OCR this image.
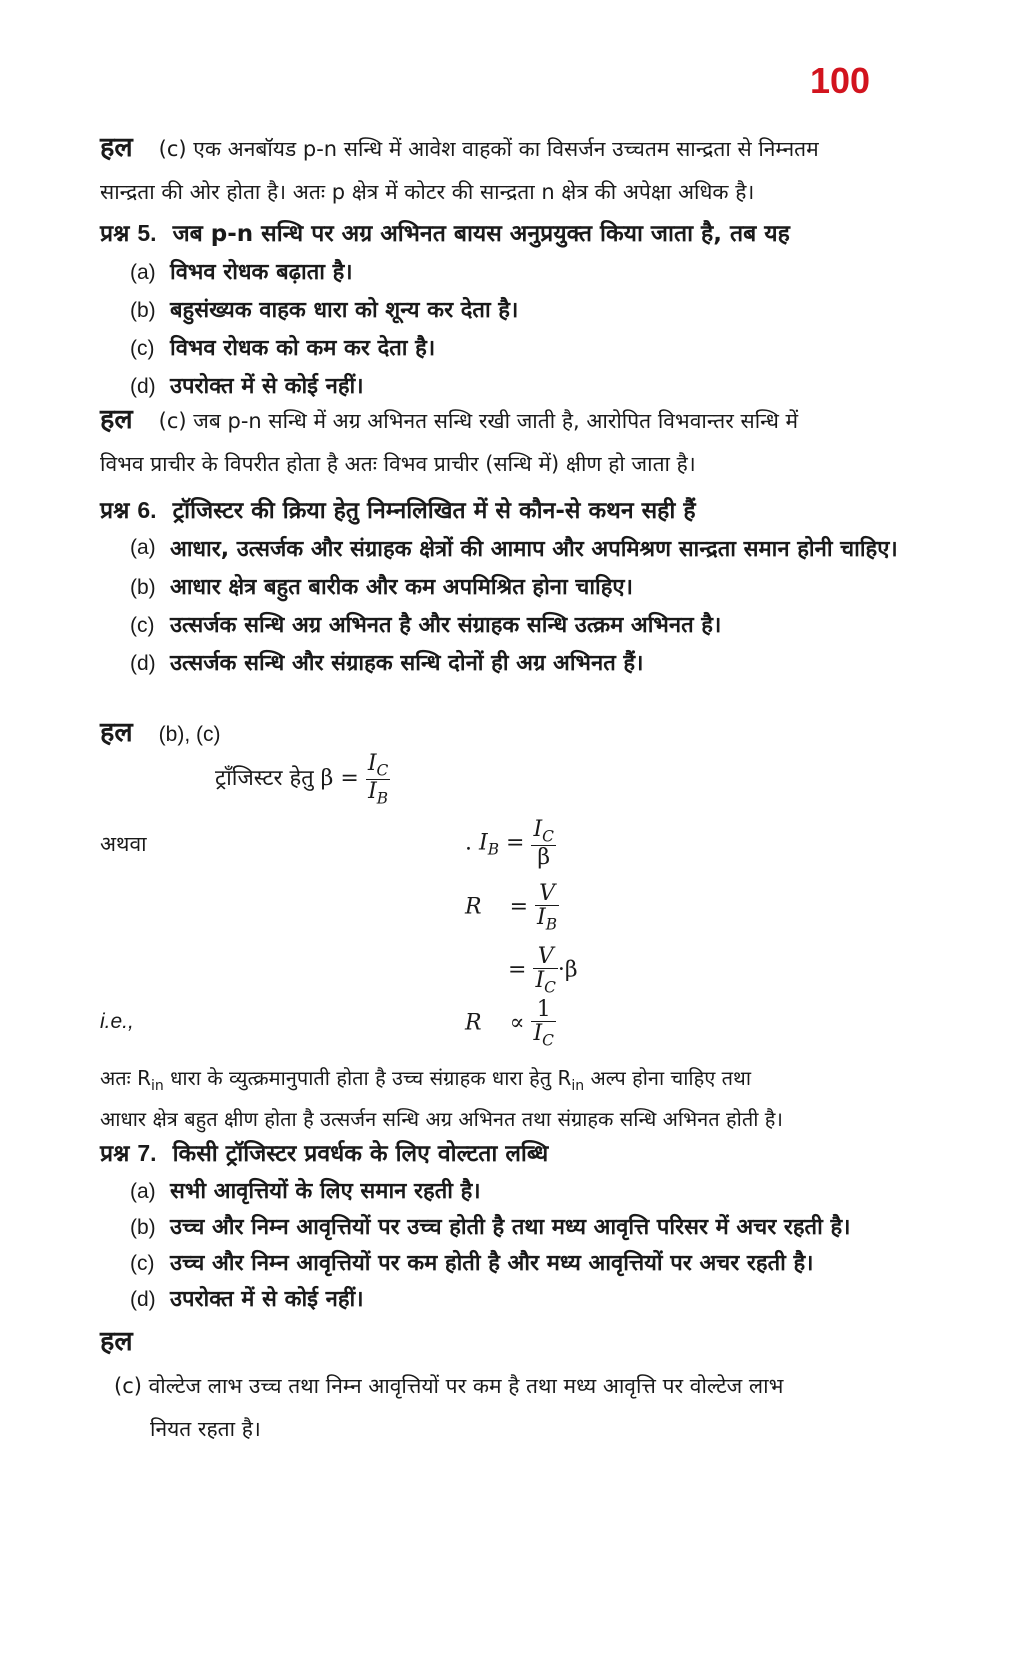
100

हल (c) एक अनबॉयड p-n सन्धि में आवेश वाहकों का विसर्जन उच्चतम सान्द्रता से निम्नतम

सान्द्रता की ओर होता है। अतः p क्षेत्र में कोटर की सान्द्रता n क्षेत्र की अपेक्षा अधिक है।

प्रश्न 5. जब p-n सन्धि पर अग्र अभिनत बायस अनुप्रयुक्त किया जाता है, तब यह

(a) विभव रोधक बढ़ाता है।

(b) बहुसंख्यक वाहक धारा को शून्य कर देता है।

(c) विभव रोधक को कम कर देता है।

(d) उपरोक्त में से कोई नहीं।

हल (c) जब p-n सन्धि में अग्र अभिनत सन्धि रखी जाती है, आरोपित विभवान्तर सन्धि में

विभव प्राचीर के विपरीत होता है अतः विभव प्राचीर (सन्धि में) क्षीण हो जाता है।

प्रश्न 6. ट्रॉजिस्टर की क्रिया हेतु निम्नलिखित में से कौन-से कथन सही हैं

(a) आधार, उत्सर्जक और संग्राहक क्षेत्रों की आमाप और अपमिश्रण सान्द्रता समान होनी चाहिए।

(b) आधार क्षेत्र बहुत बारीक और कम अपमिश्रित होना चाहिए।

(c) उत्सर्जक सन्धि अग्र अभिनत है और संग्राहक सन्धि उत्क्रम अभिनत है।

(d) उत्सर्जक सन्धि और संग्राहक सन्धि दोनों ही अग्र अभिनत हैं।

हल (b), (c)
ट्रॉंजिस्टर हेतु $\beta = \frac{I_C}{I_B}$
अथवा	. $I_B = \frac{I_C}{\beta}$
$R = \frac{V}{I_B}$
= $\frac{V}{I_C} \cdot\beta$
i.e.,	$R \propto \frac{1}{I_C}$

अतः $R_{in}$ धारा के व्युत्क्रमानुपाती होता है उच्च संग्राहक धारा हेतु $R_{in}$ अल्प होना चाहिए तथा

आधार क्षेत्र बहुत क्षीण होता है उत्सर्जन सन्धि अग्र अभिनत तथा संग्राहक सन्धि अभिनत होती है।

प्रश्न 7. किसी ट्रॉजिस्टर प्रवर्धक के लिए वोल्टता लब्धि

(a) सभी आवृत्तियों के लिए समान रहती है।

(b) उच्च और निम्न आवृत्तियों पर उच्च होती है तथा मध्य आवृत्ति परिसर में अचर रहती है।

(c) उच्च और निम्न आवृत्तियों पर कम होती है और मध्य आवृत्तियों पर अचर रहती है।

(d) उपरोक्त में से कोई नहीं।

हल

(c) वोल्टेज लाभ उच्च तथा निम्न आवृत्तियों पर कम है तथा मध्य आवृत्ति पर वोल्टेज लाभ

नियत रहता है।
